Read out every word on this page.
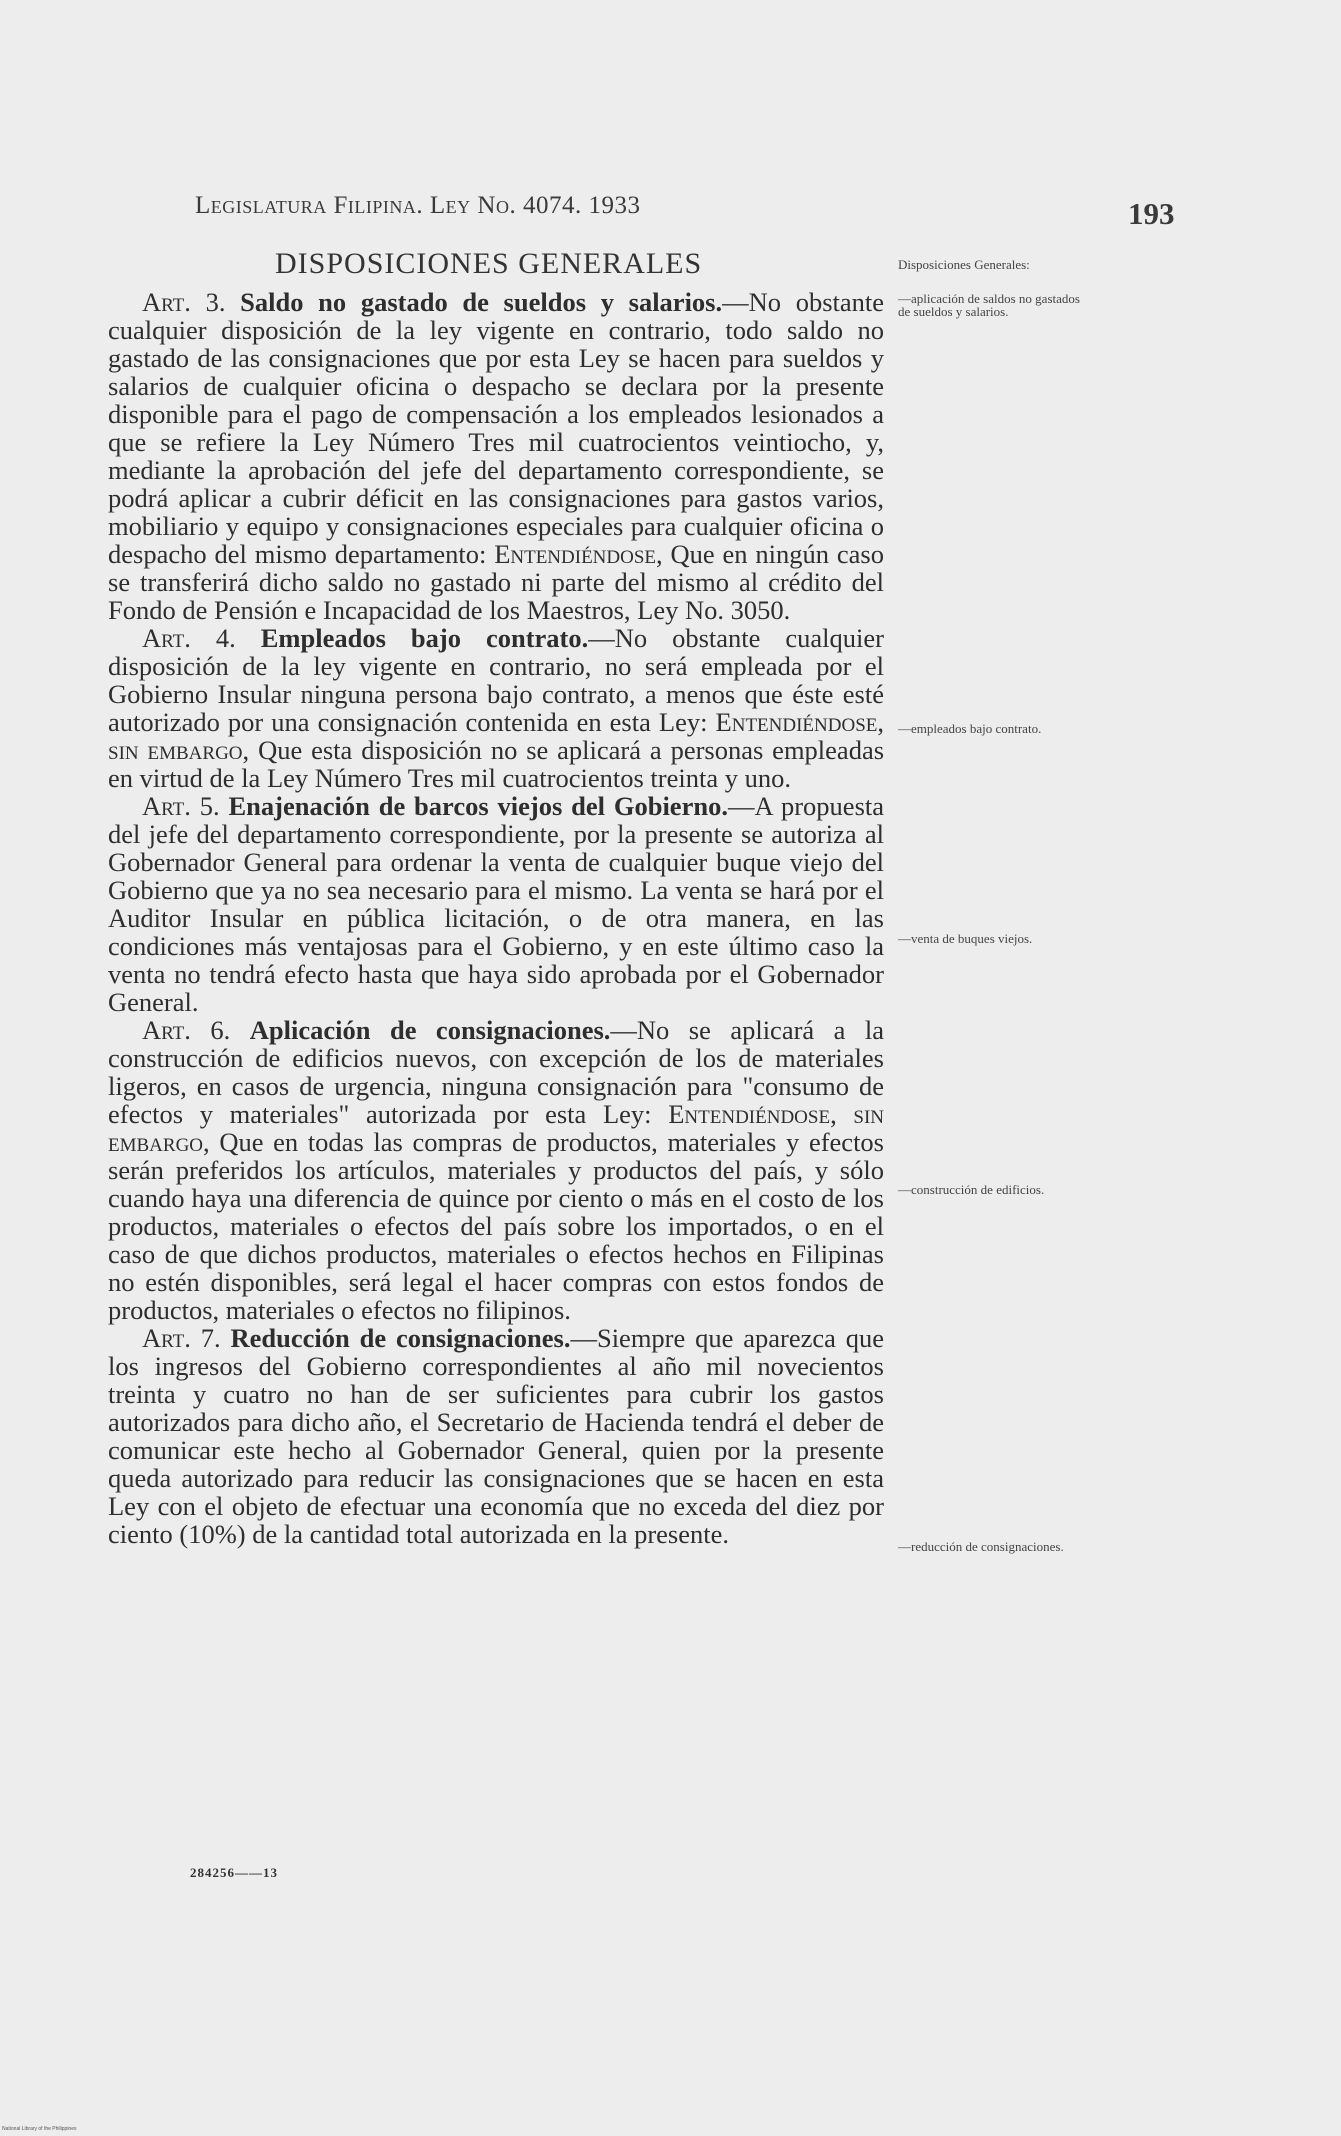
Legislatura Filipina. Ley No. 4074. 1933	193
DISPOSICIONES GENERALES

Art. 3. Saldo no gastado de sueldos y salarios.—No obstante cualquier disposición de la ley vigente en contrario, todo saldo no gastado de las consignaciones que por esta Ley se hacen para sueldos y salarios de cualquier oficina o despacho se declara por la presente disponible para el pago de compensación a los empleados lesionados a que se refiere la Ley Número Tres mil cuatrocientos veintiocho, y, mediante la aprobación del jefe del departamento correspondiente, se podrá aplicar a cubrir déficit en las consignaciones para gastos varios, mobiliario y equipo y consignaciones especiales para cualquier oficina o despacho del mismo departamento: Entendiéndose, Que en ningún caso se transferirá dicho saldo no gastado ni parte del mismo al crédito del Fondo de Pensión e Incapacidad de los Maestros, Ley No. 3050.

Art. 4. Empleados bajo contrato.—No obstante cualquier disposición de la ley vigente en contrario, no será empleada por el Gobierno Insular ninguna persona bajo contrato, a menos que éste esté autorizado por una consignación contenida en esta Ley: Entendiéndose, sin embargo, Que esta disposición no se aplicará a personas empleadas en virtud de la Ley Número Tres mil cuatrocientos treinta y uno.

Art. 5. Enajenación de barcos viejos del Gobierno.—A propuesta del jefe del departamento correspondiente, por la presente se autoriza al Gobernador General para ordenar la venta de cualquier buque viejo del Gobierno que ya no sea necesario para el mismo. La venta se hará por el Auditor Insular en pública licitación, o de otra manera, en las condiciones más ventajosas para el Gobierno, y en este último caso la venta no tendrá efecto hasta que haya sido aprobada por el Gobernador General.

Art. 6. Aplicación de consignaciones.—No se aplicará a la construcción de edificios nuevos, con excepción de los de materiales ligeros, en casos de urgencia, ninguna consignación para "consumo de efectos y materiales" autorizada por esta Ley: Entendiéndose, sin embargo, Que en todas las compras de productos, materiales y efectos serán preferidos los artículos, materiales y productos del país, y sólo cuando haya una diferencia de quince por ciento o más en el costo de los productos, materiales o efectos del país sobre los importados, o en el caso de que dichos productos, materiales o efectos hechos en Filipinas no estén disponibles, será legal el hacer compras con estos fondos de productos, materiales o efectos no filipinos.

Art. 7. Reducción de consignaciones.—Siempre que aparezca que los ingresos del Gobierno correspondientes al año mil novecientos treinta y cuatro no han de ser suficientes para cubrir los gastos autorizados para dicho año, el Secretario de Hacienda tendrá el deber de comunicar este hecho al Gobernador General, quien por la presente queda autorizado para reducir las consignaciones que se hacen en esta Ley con el objeto de efectuar una economía que no exceda del diez por ciento (10%) de la cantidad total autorizada en la presente.

Disposiciones Generales:
—aplicación de saldos no gastados de sueldos y salarios.
—empleados bajo contrato.
—venta de buques viejos.
—construcción de edificios.
—reducción de consignaciones.
284256——13
National Library of the Philippines
